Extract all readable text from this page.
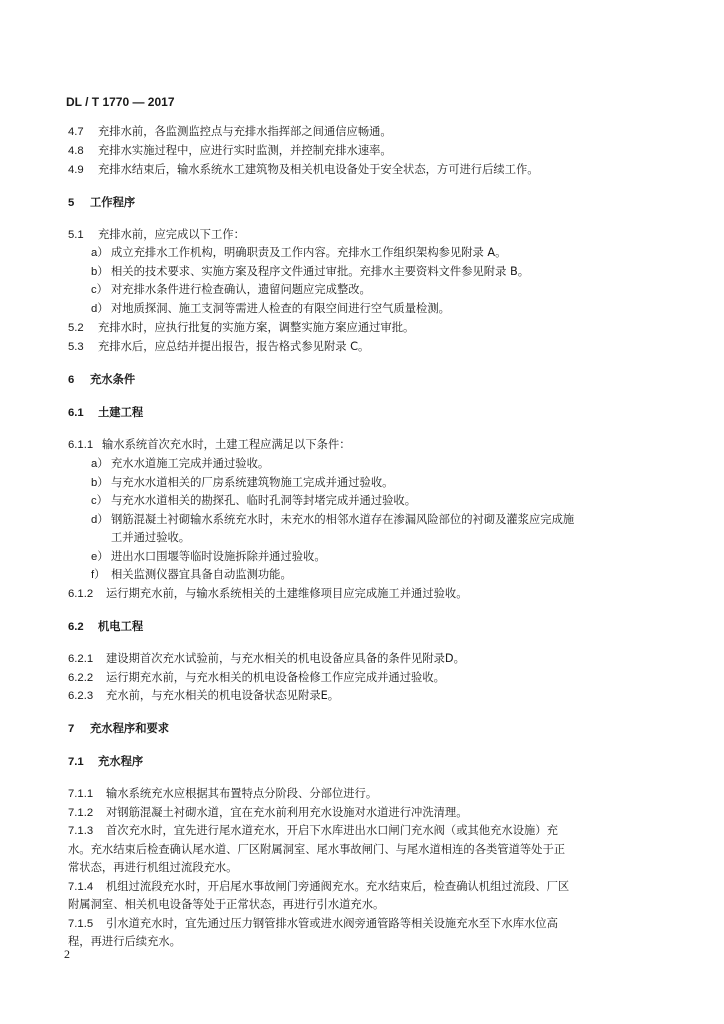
DL / T 1770 — 2017
4.7 充排水前，各监测监控点与充排水指挥部之间通信应畅通。
4.8 充排水实施过程中，应进行实时监测，并控制充排水速率。
4.9 充排水结束后，输水系统水工建筑物及相关机电设备处于安全状态，方可进行后续工作。
5 工作程序
5.1 充排水前，应完成以下工作：
a） 成立充排水工作机构，明确职责及工作内容。充排水工作组织架构参见附录 A。
b） 相关的技术要求、实施方案及程序文件通过审批。充排水主要资料文件参见附录 B。
c） 对充排水条件进行检查确认，遗留问题应完成整改。
d） 对地质探洞、施工支洞等需进人检查的有限空间进行空气质量检测。
5.2 充排水时，应执行批复的实施方案，调整实施方案应通过审批。
5.3 充排水后，应总结并提出报告，报告格式参见附录 C。
6 充水条件
6.1 土建工程
6.1.1 输水系统首次充水时，土建工程应满足以下条件：
a） 充水水道施工完成并通过验收。
b） 与充水水道相关的厂房系统建筑物施工完成并通过验收。
c） 与充水水道相关的勘探孔、临时孔洞等封堵完成并通过验收。
d） 钢筋混凝土衬砌输水系统充水时，未充水的相邻水道存在渗漏风险部位的衬砌及灌浆应完成施
工并通过验收。
e） 进出水口围堰等临时设施拆除并通过验收。
f） 相关监测仪器宜具备自动监测功能。
6.1.2 运行期充水前，与输水系统相关的土建维修项目应完成施工并通过验收。
6.2 机电工程
6.2.1 建设期首次充水试验前，与充水相关的机电设备应具备的条件见附录D。
6.2.2 运行期充水前，与充水相关的机电设备检修工作应完成并通过验收。
6.2.3 充水前，与充水相关的机电设备状态见附录E。
7 充水程序和要求
7.1 充水程序
7.1.1 输水系统充水应根据其布置特点分阶段、分部位进行。
7.1.2 对钢筋混凝土衬砌水道，宜在充水前利用充水设施对水道进行冲洗清理。
7.1.3 首次充水时，宜先进行尾水道充水，开启下水库进出水口闸门充水阀（或其他充水设施）充
水。充水结束后检查确认尾水道、厂区附属洞室、尾水事故闸门、与尾水道相连的各类管道等处于正
常状态，再进行机组过流段充水。
7.1.4 机组过流段充水时，开启尾水事故闸门旁通阀充水。充水结束后，检查确认机组过流段、厂区
附属洞室、相关机电设备等处于正常状态，再进行引水道充水。
7.1.5 引水道充水时，宜先通过压力钢管排水管或进水阀旁通管路等相关设施充水至下水库水位高
程，再进行后续充水。
2
